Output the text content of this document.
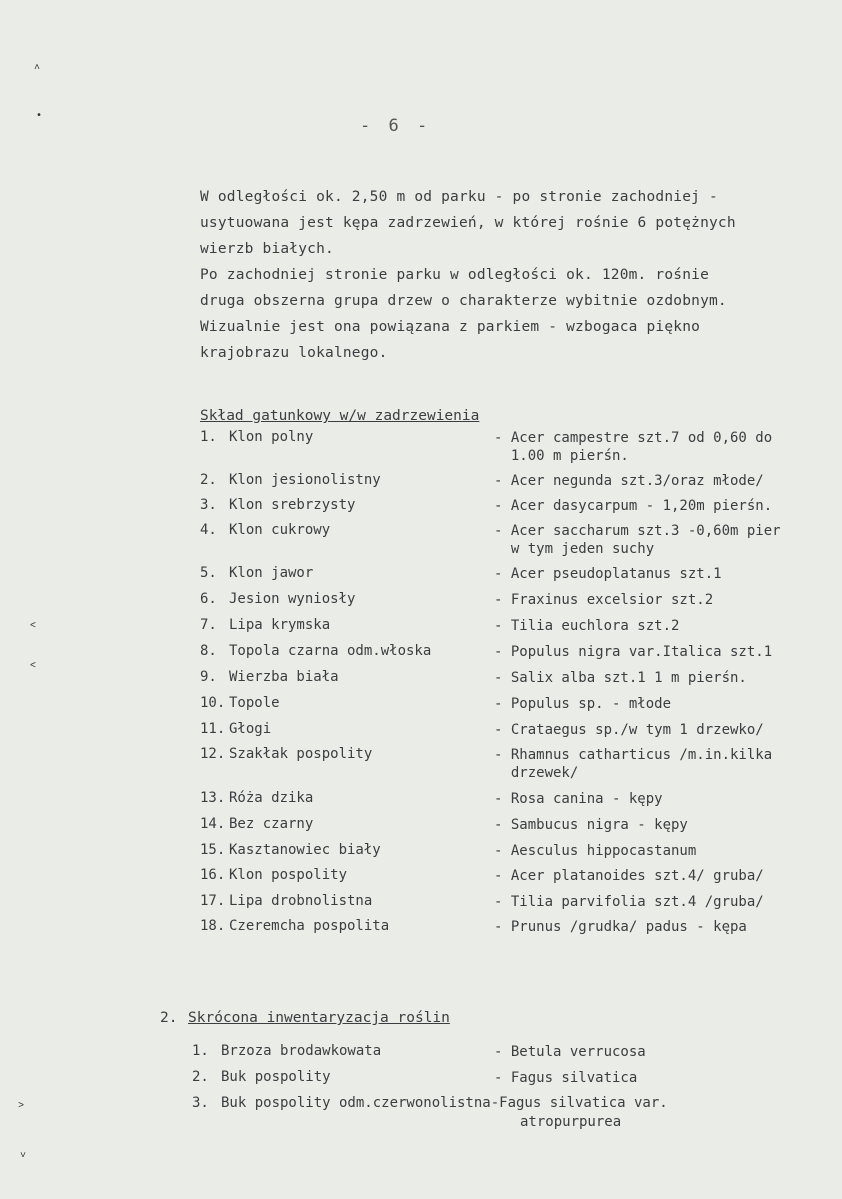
˄
•
˂
˂
˃
˅
- 6 -
W odległości ok. 2,50 m od parku - po stronie zachodniej -
usytuowana jest kępa zadrzewień, w której rośnie 6 potężnych
wierzb białych.
Po zachodniej stronie parku w odległości ok. 120m. rośnie
druga obszerna grupa drzew o charakterze wybitnie ozdobnym.
Wizualnie jest ona powiązana z parkiem - wzbogaca piękno
krajobrazu lokalnego.
Skład gatunkowy w/w zadrzewienia
1. Klon polny	- Acer campestre szt.7 od 0,60 do
1.00 m pierśn.
2. Klon jesionolistny	- Acer negunda szt.3/oraz młode/
3. Klon srebrzysty	- Acer dasycarpum - 1,20m pierśn.
4. Klon cukrowy	- Acer saccharum szt.3 -0,60m pier
w tym jeden suchy
5. Klon jawor	- Acer pseudoplatanus szt.1
6. Jesion wyniosły	- Fraxinus excelsior szt.2
7. Lipa krymska	- Tilia euchlora szt.2
8. Topola czarna odm.włoska	- Populus nigra var.Italica szt.1
9. Wierzba biała	- Salix alba szt.1 1 m pierśn.
10. Topole	- Populus sp. - młode
11. Głogi	- Crataegus sp./w tym 1 drzewko/
12. Szakłak pospolity	- Rhamnus catharticus /m.in.kilka
drzewek/
13. Róża dzika	- Rosa canina - kępy
14. Bez czarny	- Sambucus nigra - kępy
15. Kasztanowiec biały	- Aesculus hippocastanum
16. Klon pospolity	- Acer platanoides szt.4/ gruba/
17. Lipa drobnolistna	- Tilia parvifolia szt.4 /gruba/
18. Czeremcha pospolita	- Prunus /grudka/ padus - kępa
2. Skrócona inwentaryzacja roślin
1. Brzoza brodawkowata	- Betula verrucosa
2. Buk pospolity	- Fagus silvatica
3. Buk pospolity odm.czerwonolistna-Fagus silvatica var.
atropurpurea
